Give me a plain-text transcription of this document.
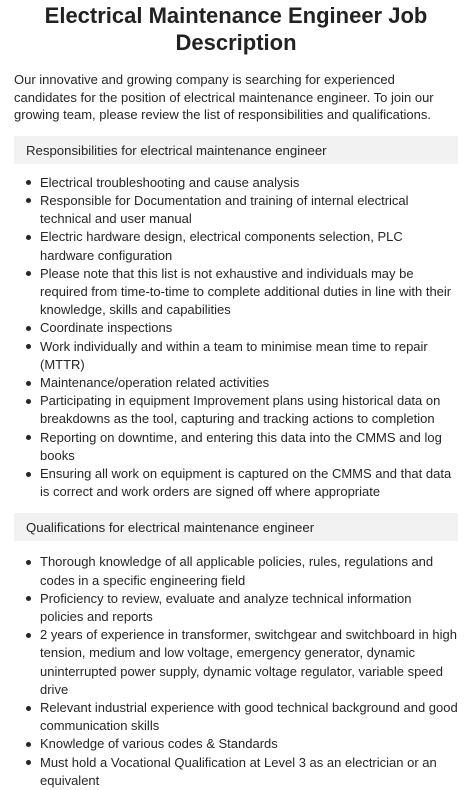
Electrical Maintenance Engineer Job Description

Our innovative and growing company is searching for experienced candidates for the position of electrical maintenance engineer. To join our growing team, please review the list of responsibilities and qualifications.

Responsibilities for electrical maintenance engineer
Electrical troubleshooting and cause analysis
Responsible for Documentation and training of internal electrical technical and user manual
Electric hardware design, electrical components selection, PLC hardware configuration
Please note that this list is not exhaustive and individuals may be required from time-to-time to complete additional duties in line with their knowledge, skills and capabilities
Coordinate inspections
Work individually and within a team to minimise mean time to repair (MTTR)
Maintenance/operation related activities
Participating in equipment Improvement plans using historical data on breakdowns as the tool, capturing and tracking actions to completion
Reporting on downtime, and entering this data into the CMMS and log books
Ensuring all work on equipment is captured on the CMMS and that data is correct and work orders are signed off where appropriate
Qualifications for electrical maintenance engineer
Thorough knowledge of all applicable policies, rules, regulations and codes in a specific engineering field
Proficiency to review, evaluate and analyze technical information policies and reports
2 years of experience in transformer, switchgear and switchboard in high tension, medium and low voltage, emergency generator, dynamic uninterrupted power supply, dynamic voltage regulator, variable speed drive
Relevant industrial experience with good technical background and good communication skills
Knowledge of various codes & Standards
Must hold a Vocational Qualification at Level 3 as an electrician or an equivalent
